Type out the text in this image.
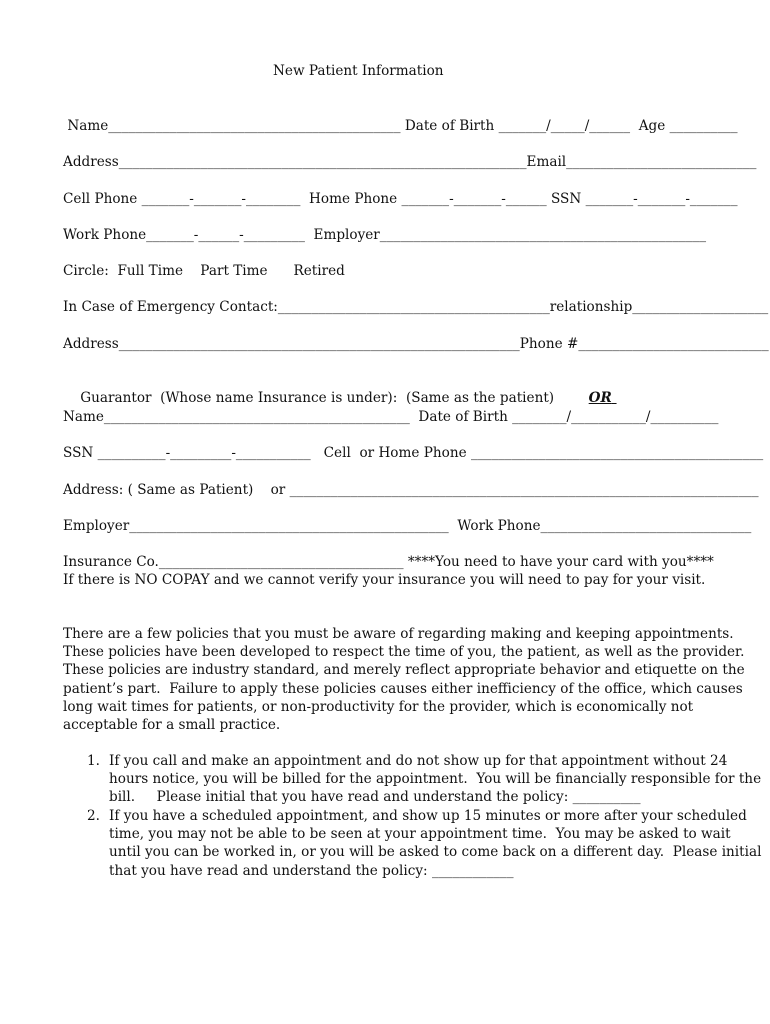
New Patient Information
Name___________________________________________ Date of Birth _______/_____/______  Age __________
Address____________________________________________________________Email____________________________
Cell Phone _______-_______-________  Home Phone _______-_______-______ SSN _______-_______-_______
Work Phone_______-______-_________  Employer________________________________________________
Circle:  Full Time    Part Time      Retired
In Case of Emergency Contact:________________________________________relationship____________________
Address___________________________________________________________Phone #____________________________

Guarantor  (Whose name Insurance is under):  (Same as the patient)	OR

Name_____________________________________________  Date of Birth ________/___________/__________
SSN __________-_________-___________   Cell  or Home Phone ___________________________________________
Address: ( Same as Patient)    or _____________________________________________________________________
Employer_______________________________________________  Work Phone_______________________________
Insurance Co.____________________________________ ****You need to have your card with you****
If there is NO COPAY and we cannot verify your insurance you will need to pay for your visit.

There are a few policies that you must be aware of regarding making and keeping appointments.

These policies have been developed to respect the time of you, the patient, as well as the provider.

These policies are industry standard, and merely reflect appropriate behavior and etiquette on the

patient’s part.  Failure to apply these policies causes either inefficiency of the office, which causes

long wait times for patients, or non-productivity for the provider, which is economically not

acceptable for a small practice.

1. If you call and make an appointment and do not show up for that appointment without 24

hours notice, you will be billed for the appointment.  You will be financially responsible for the

bill.     Please initial that you have read and understand the policy: __________

2. If you have a scheduled appointment, and show up 15 minutes or more after your scheduled

time, you may not be able to be seen at your appointment time.  You may be asked to wait

until you can be worked in, or you will be asked to come back on a different day.  Please initial

that you have read and understand the policy: ____________
